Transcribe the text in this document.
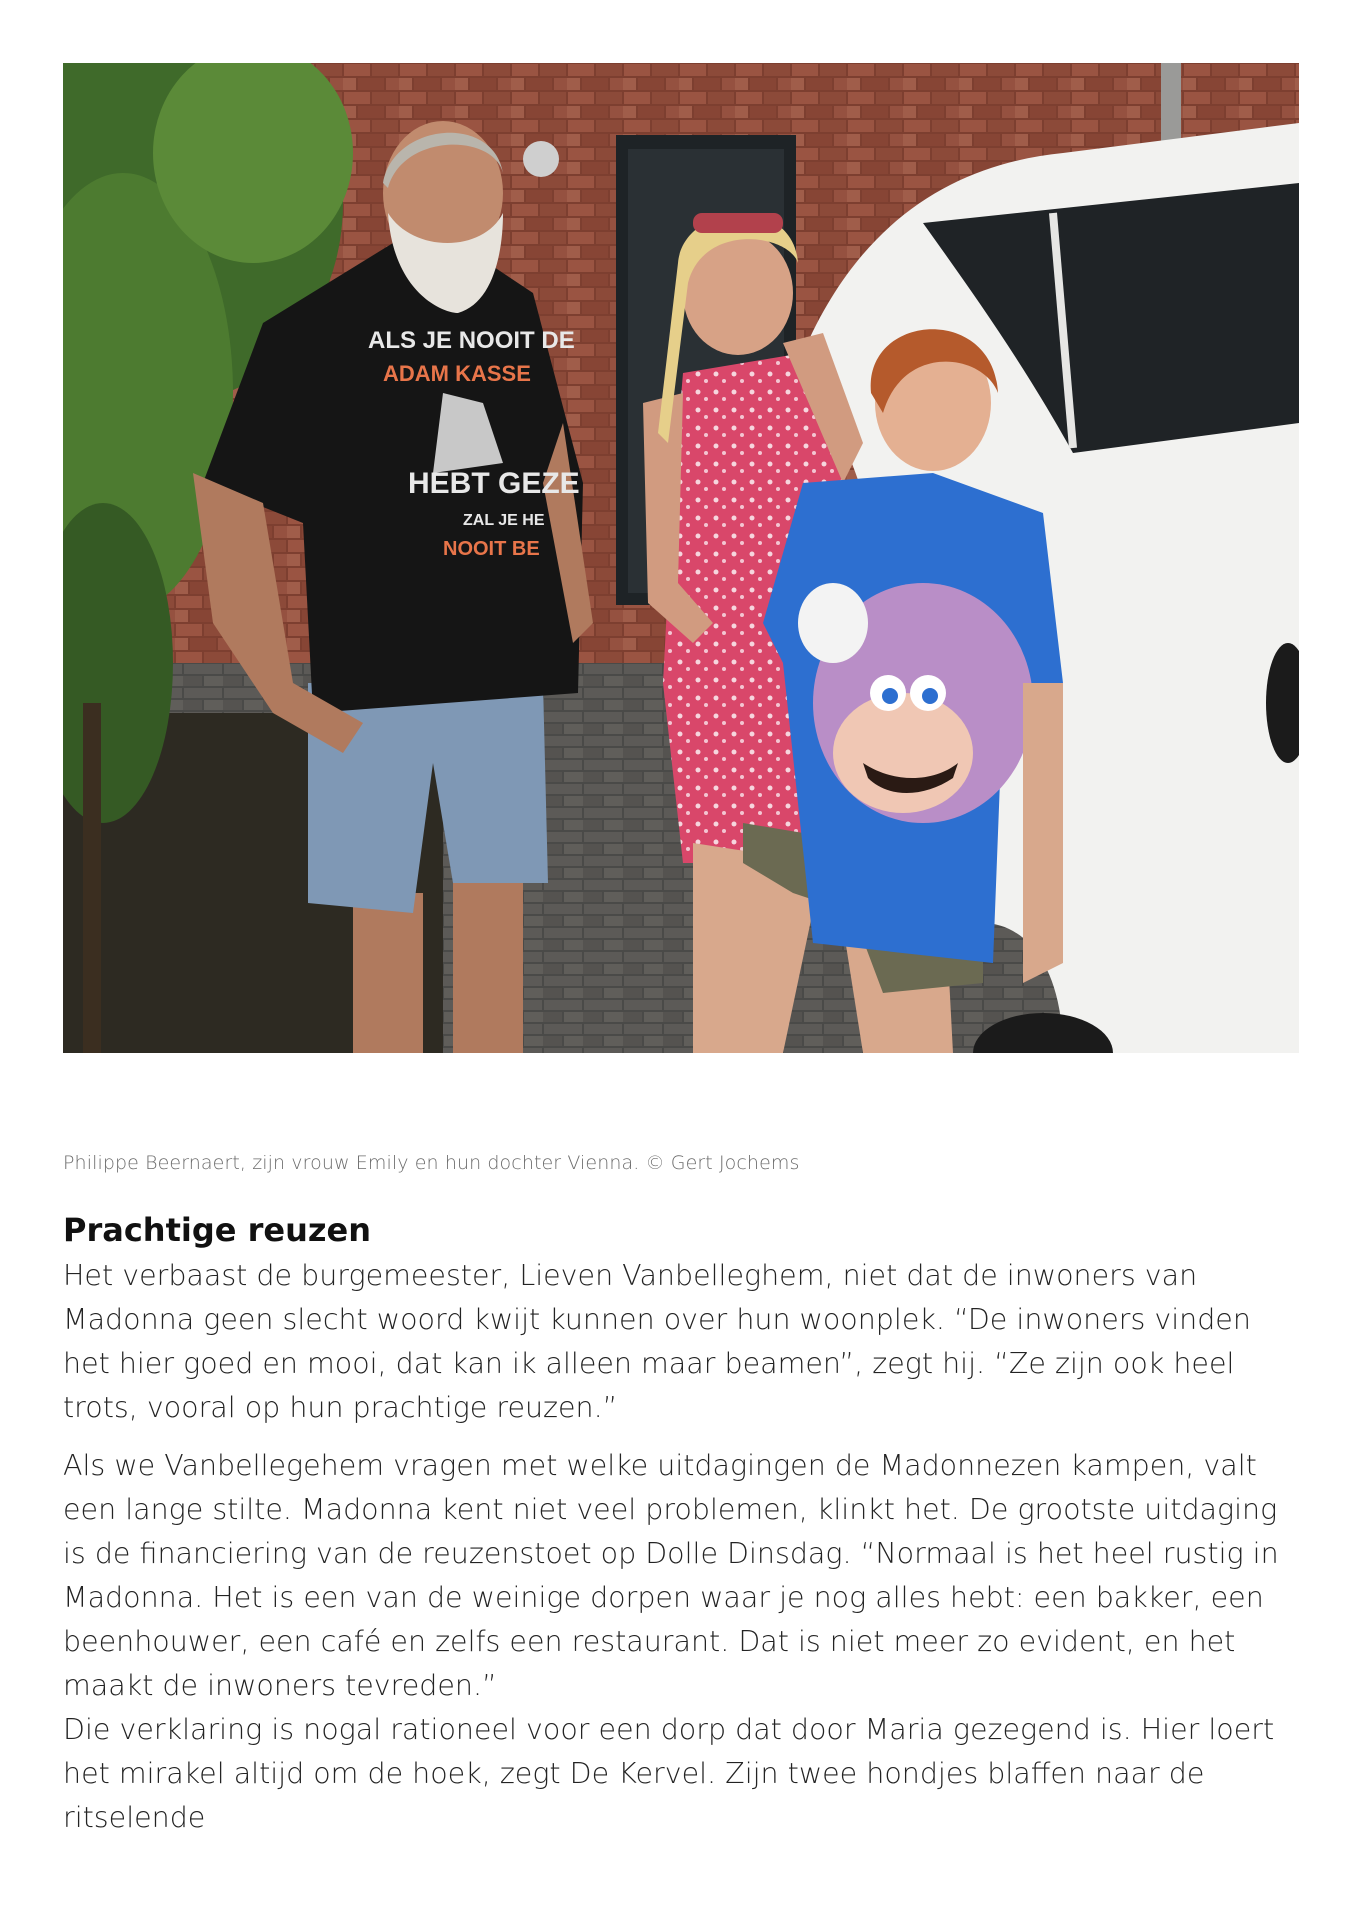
ALS JE NOOIT DE
ADAM KASSE
HEBT GEZE
ZAL JE HE
NOOIT BE
Philippe Beernaert, zijn vrouw Emily en hun dochter Vienna. © Gert Jochems
Prachtige reuzen

Het verbaast de burgemeester, Lieven Vanbelleghem, niet dat de inwoners van Madonna geen slecht woord kwijt kunnen over hun woonplek. “De inwoners vinden het hier goed en mooi, dat kan ik alleen maar beamen”, zegt hij. “Ze zijn ook heel trots, vooral op hun prachtige reuzen.”

Als we Vanbellegehem vragen met welke uitdagingen de Madonnezen kampen, valt een lange stilte. Madonna kent niet veel problemen, klinkt het. De grootste uitdaging is de financiering van de reuzenstoet op Dolle Dinsdag. “Normaal is het heel rustig in Madonna. Het is een van de weinige dorpen waar je nog alles hebt: een bakker, een beenhouwer, een café en zelfs een restaurant. Dat is niet meer zo evident, en het maakt de inwoners tevreden.”

Die verklaring is nogal rationeel voor een dorp dat door Maria gezegend is. Hier loert het mirakel altijd om de hoek, zegt De Kervel. Zijn twee hondjes blaffen naar de ritselende
